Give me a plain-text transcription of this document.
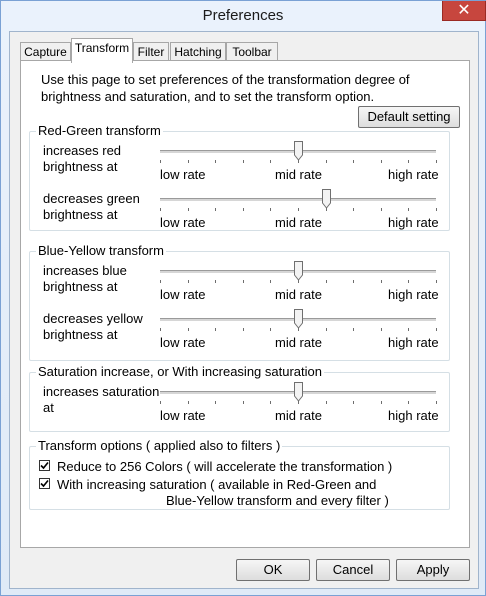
Preferences	✕
Capture Transform Filter Hatching Toolbar
Use this page to set preferences of the transformation degree of brightness and saturation, and to set the transform option.
Default setting
Red-Green transform
increases red brightness at
low rate	mid rate	high rate
decreases green brightness at
low rate	mid rate	high rate
Blue-Yellow transform
increases blue brightness at
low rate	mid rate	high rate
decreases yellow brightness at
low rate	mid rate	high rate
Saturation increase, or With increasing saturation
increases saturation at
low rate	mid rate	high rate
Transform options ( applied also to filters )
Reduce to 256 Colors ( will accelerate the transformation )
With increasing saturation ( available in Red-Green and
Blue-Yellow transform and every filter )
OK	Cancel	Apply
